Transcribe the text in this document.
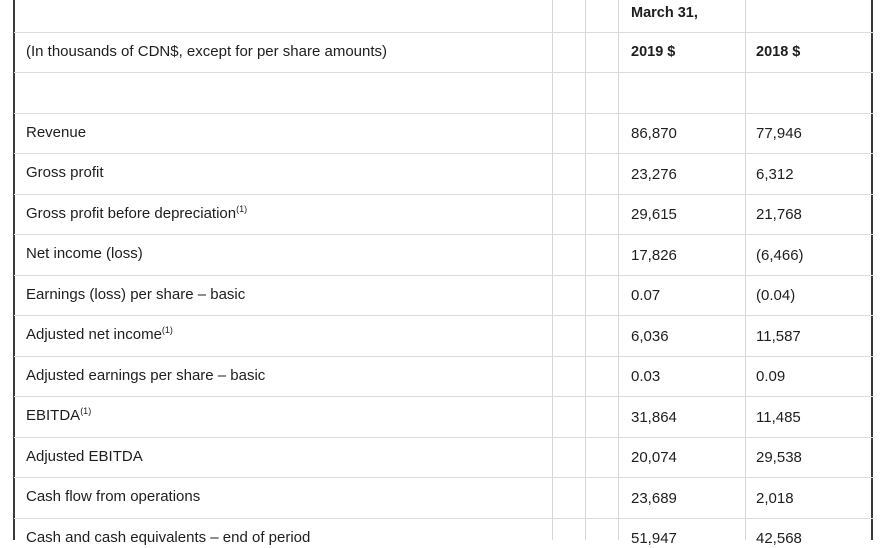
March 31,
(In thousands of CDN$, except for per share amounts)	2019 $	2018 $
Revenue	86,870	77,946
Gross profit	23,276	6,312
Gross profit before depreciation$^{(1)}$	29,615	21,768
Net income (loss)	17,826	(6,466)
Earnings (loss) per share – basic	0.07	(0.04)
Adjusted net income$^{(1)}$	6,036	11,587
Adjusted earnings per share – basic	0.03	0.09
EBITDA$^{(1)}$	31,864	11,485
Adjusted EBITDA	20,074	29,538
Cash flow from operations	23,689	2,018
Cash and cash equivalents – end of period	51,947	42,568
